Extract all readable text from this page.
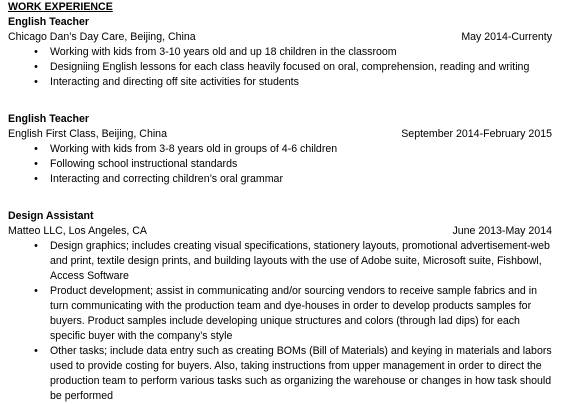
WORK EXPERIENCE
English Teacher
Chicago Dan’s Day Care, Beijing, China	May 2014-Currenty
• Working with kids from 3-10 years old and up 18 children in the classroom
• Designiing English lessons for each class heavily focused on oral, comprehension, reading and writing
• Interacting and directing off site activities for students
English Teacher
English First Class, Beijing, China	September 2014-February 2015
• Working with kids from 3-8 years old in groups of 4-6 children
• Following school instructional standards
• Interacting and correcting children’s oral grammar
Design Assistant
Matteo LLC, Los Angeles, CA	June 2013-May 2014
• Design graphics; includes creating visual specifications, stationery layouts, promotional advertisement-web and print, textile design prints, and building layouts with the use of Adobe suite, Microsoft suite, Fishbowl, Access Software
• Product development; assist in communicating and/or sourcing vendors to receive sample fabrics and in turn communicating with the production team and dye-houses in order to develop products samples for buyers. Product samples include developing unique structures and colors (through lad dips) for each specific buyer with the company’s style
• Other tasks; include data entry such as creating BOMs (Bill of Materials) and keying in materials and labors used to provide costing for buyers. Also, taking instructions from upper management in order to direct the production team to perform various tasks such as organizing the warehouse or changes in how task should be performed
